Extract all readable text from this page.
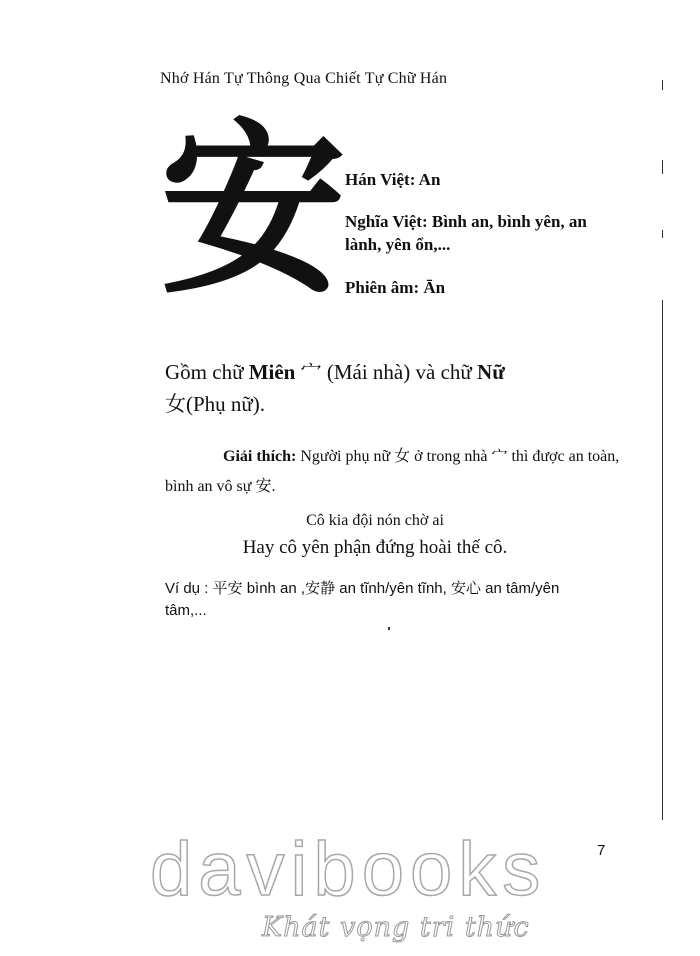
Nhớ Hán Tự Thông Qua Chiết Tự Chữ Hán
安
Hán Việt: An
Nghĩa Việt: Bình an, bình yên, an lành, yên ổn,...
Phiên âm: Ān
Gồm chữ Miên 宀 (Mái nhà) và chữ Nữ
女(Phụ nữ).
Giải thích: Người phụ nữ 女 ở trong nhà 宀 thì được an toàn, bình an vô sự 安.
Cô kia đội nón chờ ai
Hay cô yên phận đứng hoài thế cô.
Ví dụ : 平安 bình an ,安静 an tĩnh/yên tĩnh, 安心 an tâm/yên tâm,...
7
davibooks
Khát vọng tri thức
